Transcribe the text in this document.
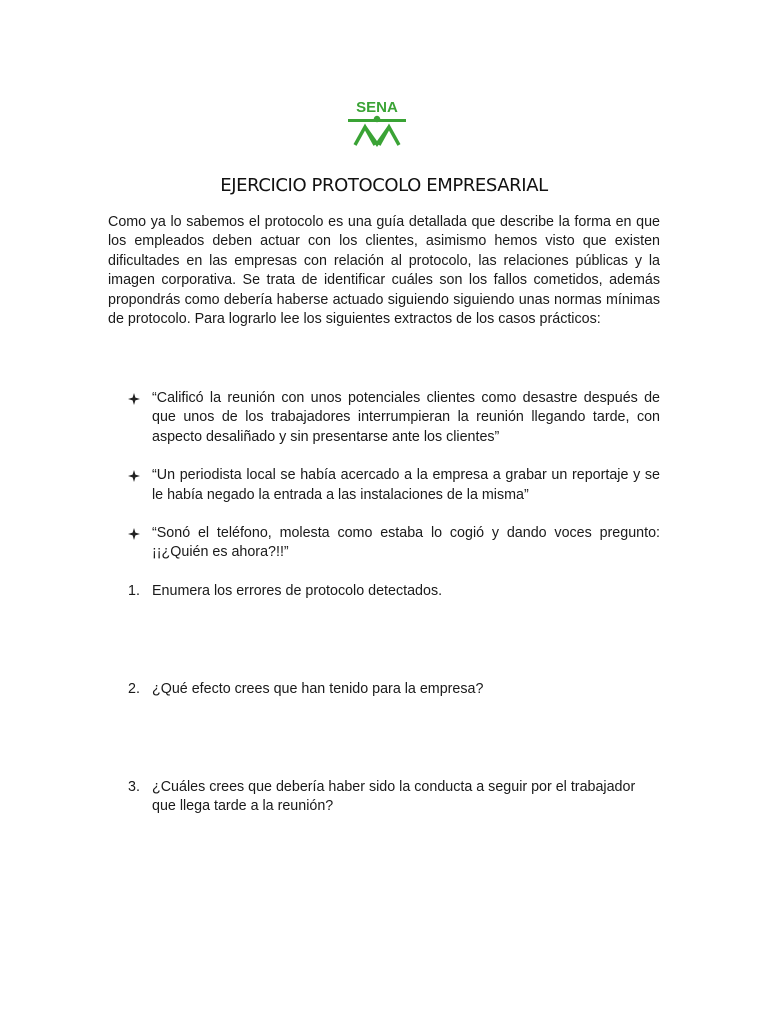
SENA
EJERCICIO PROTOCOLO EMPRESARIAL

Como ya lo sabemos el protocolo es una guía detallada que describe la forma en que los empleados deben actuar con los clientes, asimismo hemos visto que existen dificultades en las empresas con relación al protocolo, las relaciones públicas y la imagen corporativa. Se trata de identificar cuáles son los fallos cometidos, además propondrás como debería haberse actuado siguiendo siguiendo unas normas mínimas de protocolo. Para lograrlo lee los siguientes extractos de los casos prácticos:

“Calificó la reunión con unos potenciales clientes como desastre después de que unos de los trabajadores interrumpieran la reunión llegando tarde, con aspecto desaliñado y sin presentarse ante los clientes”
“Un periodista local se había acercado a la empresa a grabar un reportaje y se le había negado la entrada a las instalaciones de la misma”
“Sonó el teléfono, molesta como estaba lo cogió y dando voces pregunto: ¡¡¿Quién es ahora?!!”
1. Enumera los errores de protocolo detectados.
2. ¿Qué efecto crees que han tenido para la empresa?
3. ¿Cuáles crees que debería haber sido la conducta a seguir por el trabajador que llega tarde a la reunión?
